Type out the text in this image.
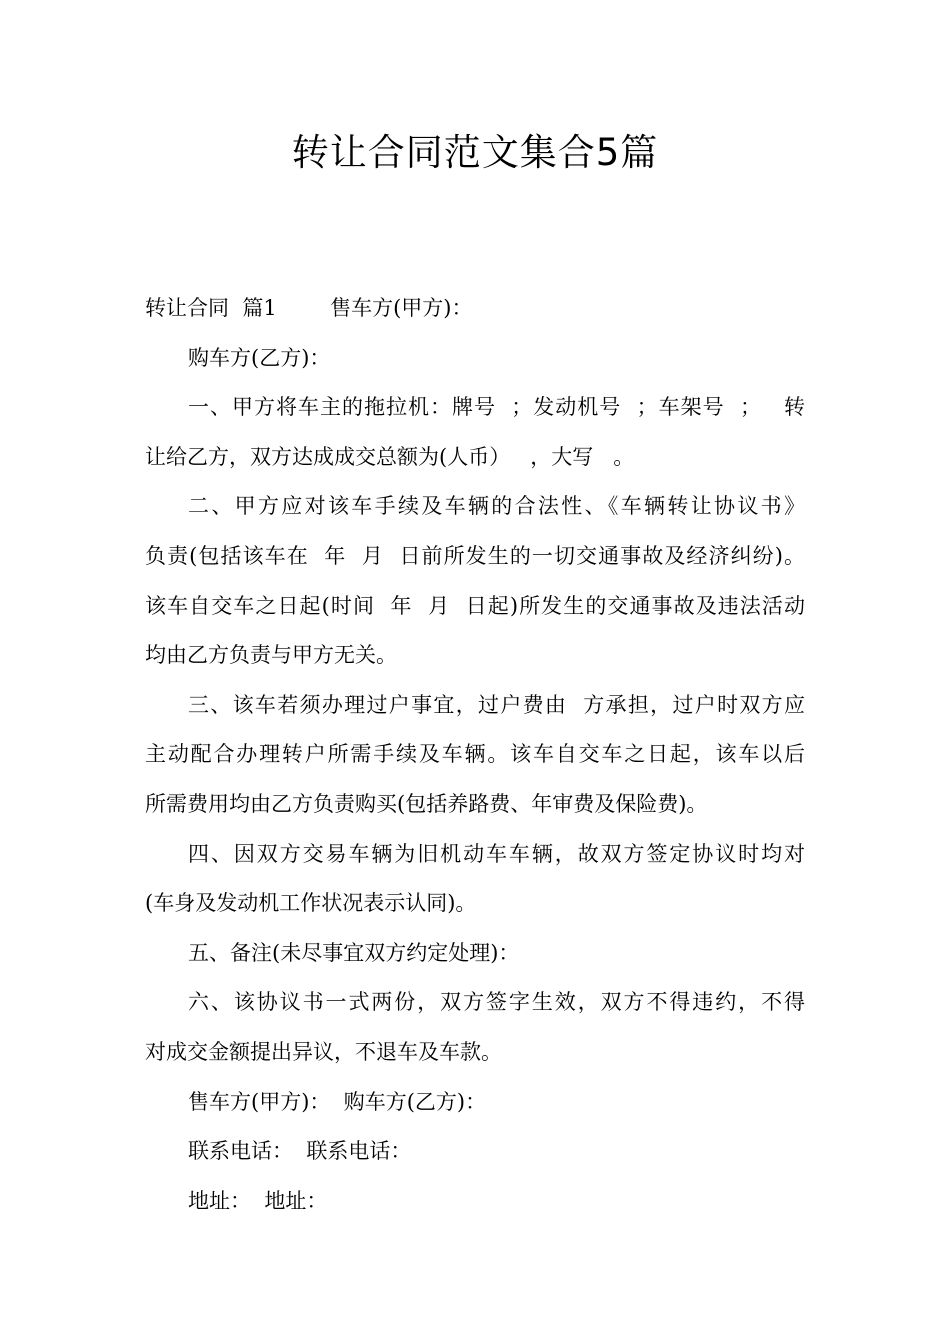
转让合同范文集合5篇
转让合同  篇1        售车方(甲方)：
购车方(乙方)：
一、甲方将车主的拖拉机：牌号  ；发动机号  ；车架号  ；   转
让给乙方，双方达成成交总额为(人币）   ，大写   。
二、甲方应对该车手续及车辆的合法性、《车辆转让协议书》
负责(包括该车在  年  月  日前所发生的一切交通事故及经济纠纷)。
该车自交车之日起(时间  年  月  日起)所发生的交通事故及违法活动
均由乙方负责与甲方无关。
三、该车若须办理过户事宜，过户费由  方承担，过户时双方应
主动配合办理转户所需手续及车辆。该车自交车之日起，该车以后
所需费用均由乙方负责购买(包括养路费、年审费及保险费)。
四、因双方交易车辆为旧机动车车辆，故双方签定协议时均对
(车身及发动机工作状况表示认同)。
五、备注(未尽事宜双方约定处理)：
六、该协议书一式两份，双方签字生效，双方不得违约，不得
对成交金额提出异议，不退车及车款。
售车方(甲方)：  购车方(乙方)：
联系电话：  联系电话：
地址：  地址：
